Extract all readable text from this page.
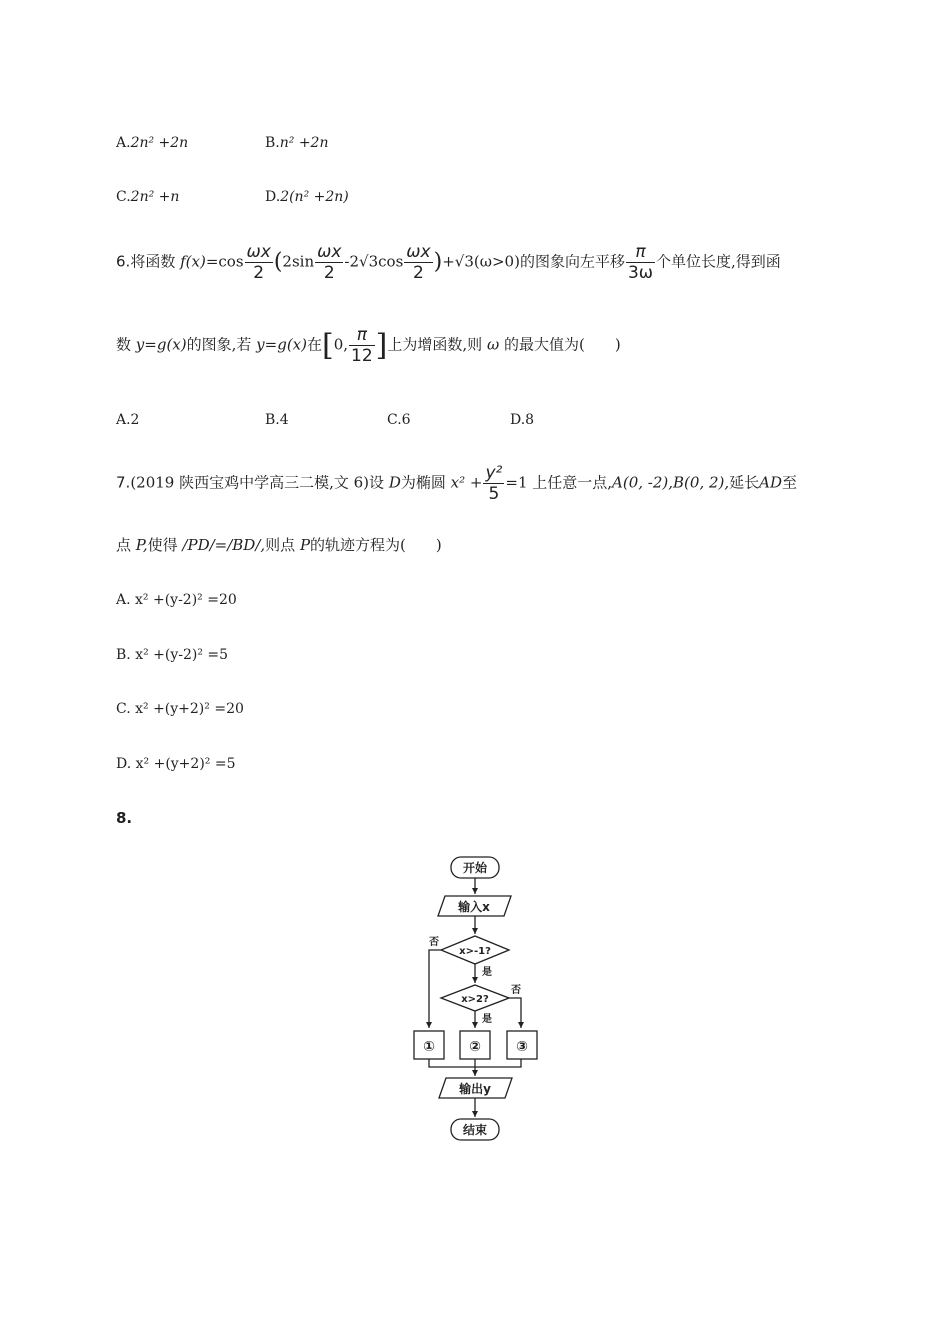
A.2n² +2n	B.n² +2n
C.2n² +n	D.2(n² +2n)
6.将函数 $f(x)=\cos \frac{\omega x}{2} (2\sin \frac{\omega x}{2} -2√3\cos \frac{\omega x}{2} )+√3(\omega>0)$的图象向左平移 $\frac{\pi}{3\omega}$ 个单位长度,得到函
数 y=g(x)的图象,若 y=g(x)在[0, $\frac{\pi}{12}$ ]上为增函数,则 ω 的最大值为(　　)
A.2	B.4	C.6	D.8
7.(2019 陕西宝鸡中学高三二模,文 6)设 D为椭圆 $x^2 + \frac{\text{y²}}{5} =1$ 上任意一点,A(0, -2),B(0, 2),延长AD至
点 P,使得 /PD/=/BD/,则点 P的轨迹方程为(　　)
A. x² +(y-2)² =20
B. x² +(y-2)² =5
C. x² +(y+2)² =20
D. x² +(y+2)² =5
8.
开始
输入x
x>-1?
x>2?
否
是
否
是
① ②	③
输出y
结束
